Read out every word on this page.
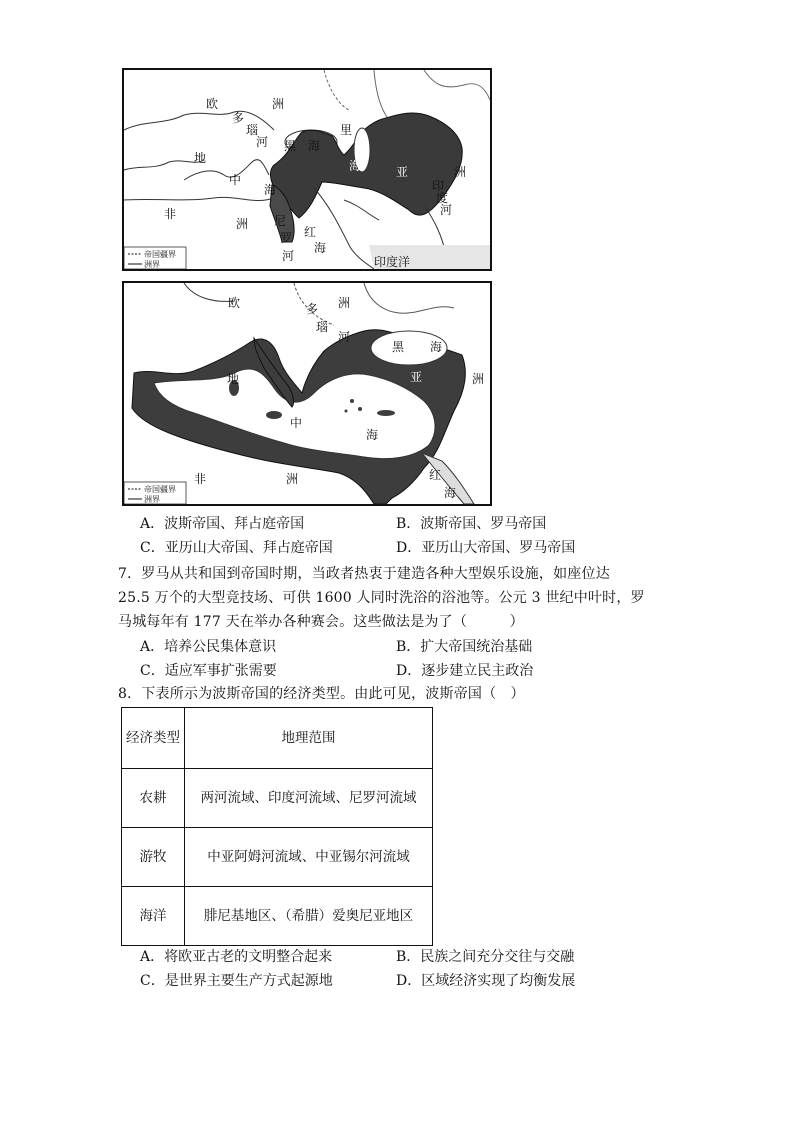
欧	洲
多
瑙
河 黑 海
里
海	亚	洲
印
度
河
地
中
海
非
洲 尼
罗
河
红
海
印度洋
帝国疆界
洲界
欧	洲
多
瑙
河
黑 海
地
中
海
亚	洲
非	洲	红
海
帝国疆界
洲界
A．波斯帝国、拜占庭帝国	B．波斯帝国、罗马帝国
C．亚历山大帝国、拜占庭帝国	D．亚历山大帝国、罗马帝国
7．罗马从共和国到帝国时期，当政者热衷于建造各种大型娱乐设施，如座位达
25.5 万个的大型竞技场、可供 1600 人同时洗浴的浴池等。公元 3 世纪中叶时，罗
马城每年有 177 天在举办各种赛会。这些做法是为了（　　　）
A．培养公民集体意识	B．扩大帝国统治基础
C．适应军事扩张需要	D．逐步建立民主政治
8．下表所示为波斯帝国的经济类型。由此可见，波斯帝国（　）
经济类型	地理范围
农耕	两河流域、印度河流域、尼罗河流域
游牧	中亚阿姆河流域、中亚锡尔河流域
海洋	腓尼基地区、（希腊）爱奥尼亚地区
A．将欧亚古老的文明整合起来	B．民族之间充分交往与交融
C．是世界主要生产方式起源地	D．区域经济实现了均衡发展
